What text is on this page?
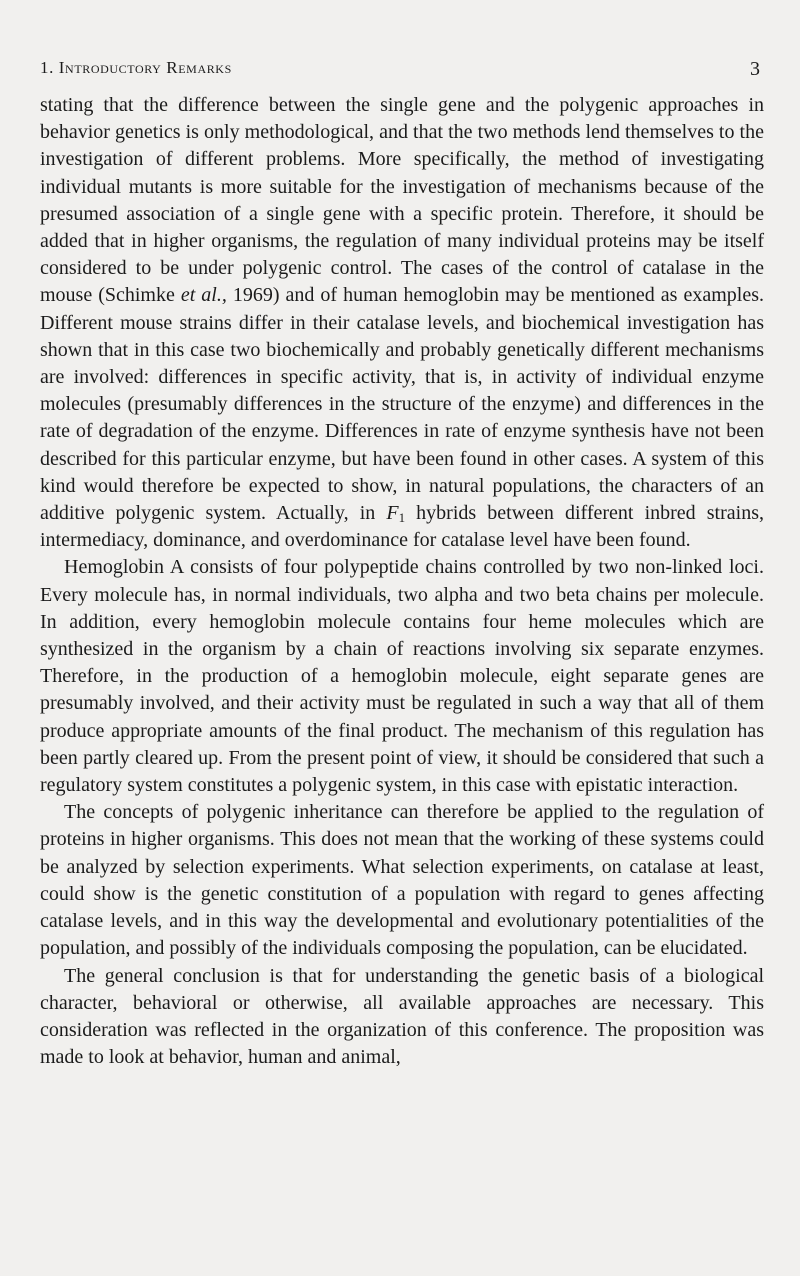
1. Introductory Remarks	3

stating that the difference between the single gene and the polygenic approaches in behavior genetics is only methodological, and that the two methods lend themselves to the investigation of different problems. More specifically, the method of investigating individual mutants is more suitable for the investigation of mechanisms because of the presumed association of a single gene with a specific protein. Therefore, it should be added that in higher organisms, the regulation of many individual proteins may be itself considered to be under polygenic control. The cases of the control of catalase in the mouse (Schimke et al., 1969) and of human hemoglobin may be mentioned as examples. Different mouse strains differ in their catalase levels, and biochemical investigation has shown that in this case two biochemically and probably genetically different mechanisms are involved: differences in specific activity, that is, in activity of individual enzyme molecules (presumably differences in the structure of the enzyme) and differences in the rate of degradation of the enzyme. Differences in rate of enzyme synthesis have not been described for this particular enzyme, but have been found in other cases. A system of this kind would therefore be expected to show, in natural populations, the characters of an additive polygenic system. Actually, in $F_1$ hybrids between different inbred strains, intermediacy, dominance, and overdominance for catalase level have been found.

Hemoglobin A consists of four polypeptide chains controlled by two non-linked loci. Every molecule has, in normal individuals, two alpha and two beta chains per molecule. In addition, every hemoglobin molecule contains four heme molecules which are synthesized in the organism by a chain of reactions involving six separate enzymes. Therefore, in the production of a hemoglobin molecule, eight separate genes are presumably involved, and their activity must be regulated in such a way that all of them produce appropriate amounts of the final product. The mechanism of this regulation has been partly cleared up. From the present point of view, it should be considered that such a regulatory system constitutes a polygenic system, in this case with epistatic interaction.

The concepts of polygenic inheritance can therefore be applied to the regulation of proteins in higher organisms. This does not mean that the working of these systems could be analyzed by selection experiments. What selection experiments, on catalase at least, could show is the genetic constitution of a population with regard to genes affecting catalase levels, and in this way the developmental and evolutionary potentialities of the population, and possibly of the individuals composing the population, can be elucidated.

The general conclusion is that for understanding the genetic basis of a biological character, behavioral or otherwise, all available approaches are necessary. This consideration was reflected in the organization of this conference. The proposition was made to look at behavior, human and animal,
